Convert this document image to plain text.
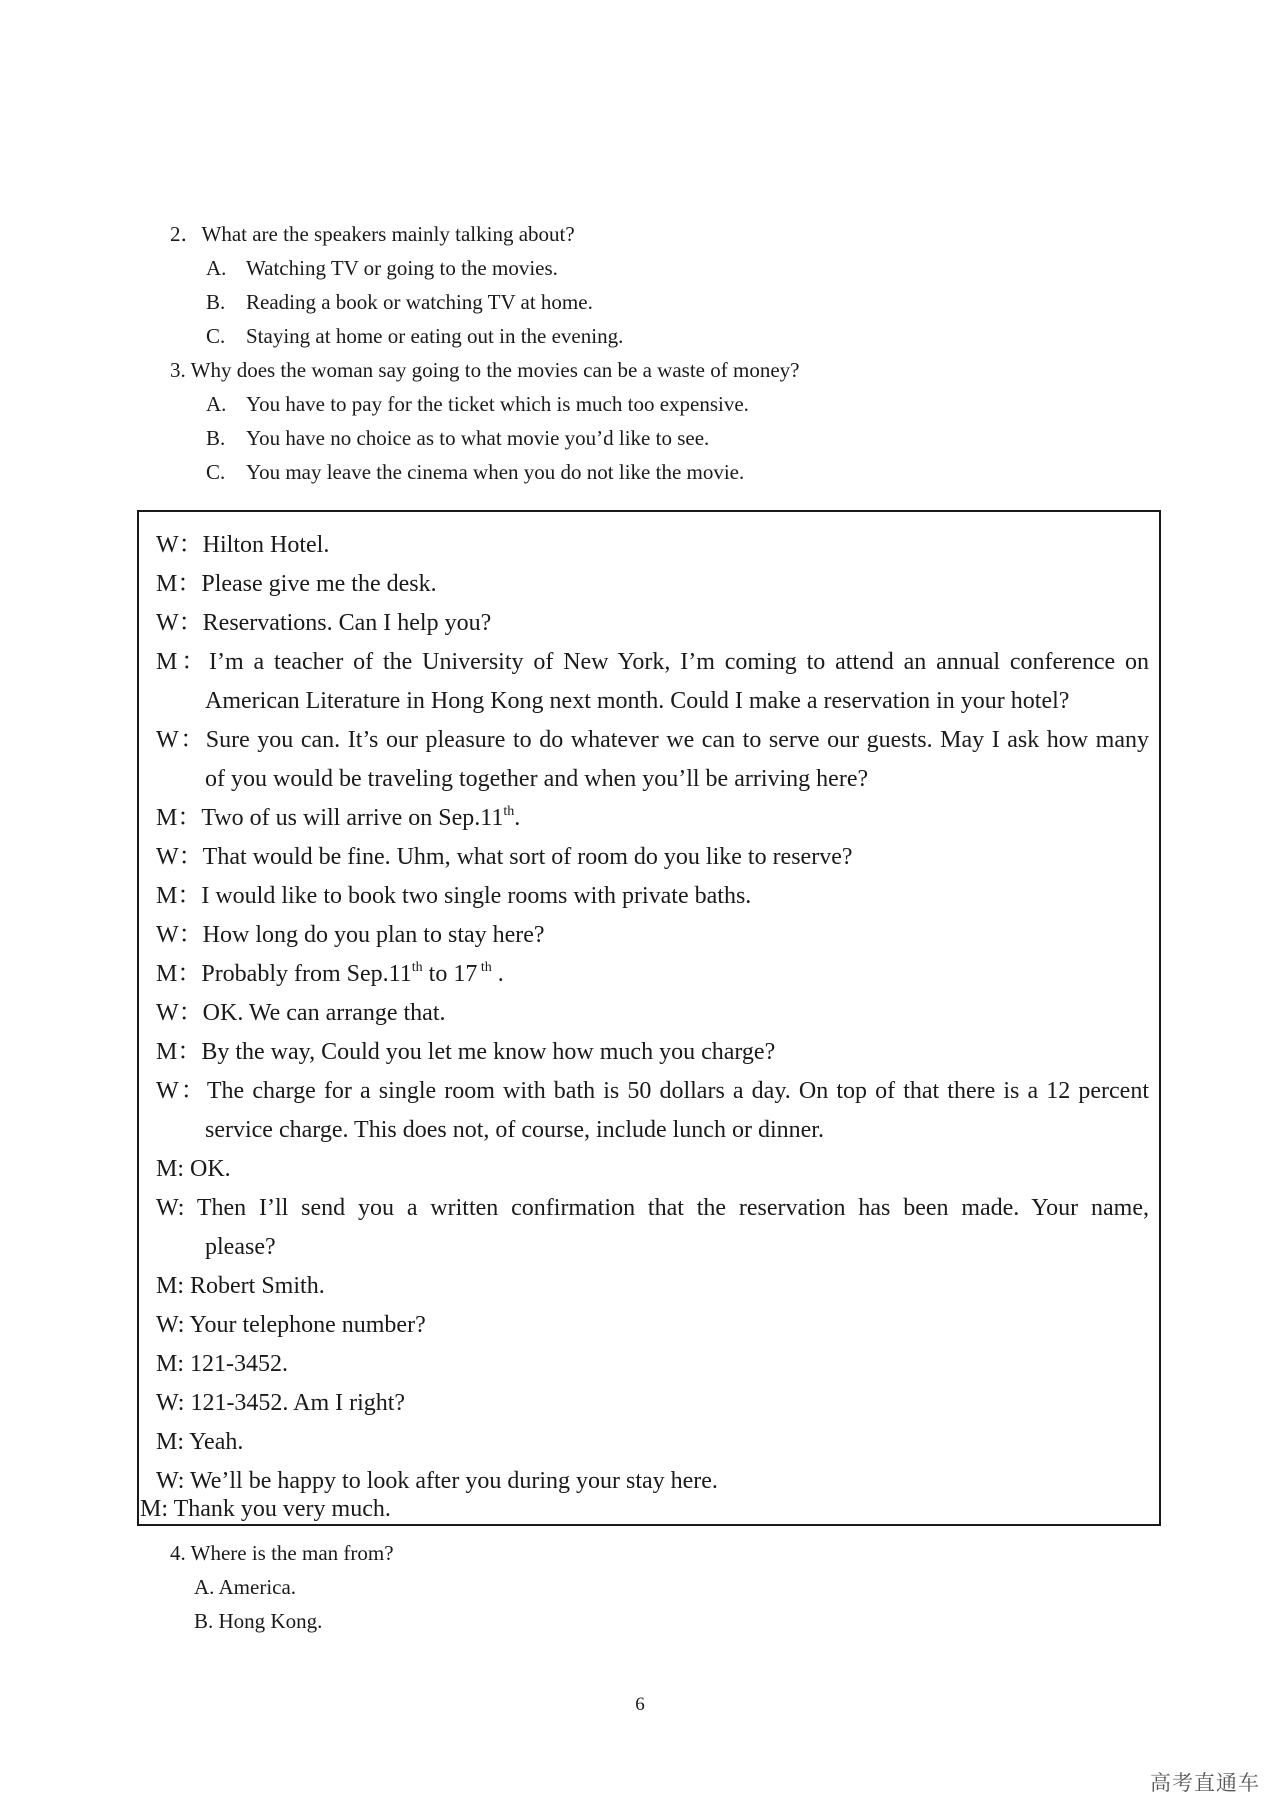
2．What are the speakers mainly talking about?
A. Watching TV or going to the movies.
B. Reading a book or watching TV at home.
C. Staying at home or eating out in the evening.
3. Why does the woman say going to the movies can be a waste of money?
A. You have to pay for the ticket which is much too expensive.
B. You have no choice as to what movie you’d like to see.
C. You may leave the cinema when you do not like the movie.
W：Hilton Hotel.
M：Please give me the desk.
W：Reservations. Can I help you?
M：I’m a teacher of the University of New York, I’m coming to attend an annual conference on
American Literature in Hong Kong next month. Could I make a reservation in your hotel?
W：Sure you can. It’s our pleasure to do whatever we can to serve our guests. May I ask how many
of you would be traveling together and when you’ll be arriving here?
M：Two of us will arrive on Sep.11th.
W：That would be fine. Uhm, what sort of room do you like to reserve?
M：I would like to book two single rooms with private baths.
W：How long do you plan to stay here?
M：Probably from Sep.11th to 17 $^{th}$ .
W：OK. We can arrange that.
M：By the way, Could you let me know how much you charge?
W：The charge for a single room with bath is 50 dollars a day. On top of that there is a 12 percent
service charge. This does not, of course, include lunch or dinner.
M: OK.
W: Then I’ll send you a written confirmation that the reservation has been made. Your name,
please?
M: Robert Smith.
W: Your telephone number?
M: 121-3452.
W: 121-3452. Am I right?
M: Yeah.
W: We’ll be happy to look after you during your stay here.
M: Thank you very much.
4. Where is the man from?
A. America.
B. Hong Kong.
6
高考直通车
